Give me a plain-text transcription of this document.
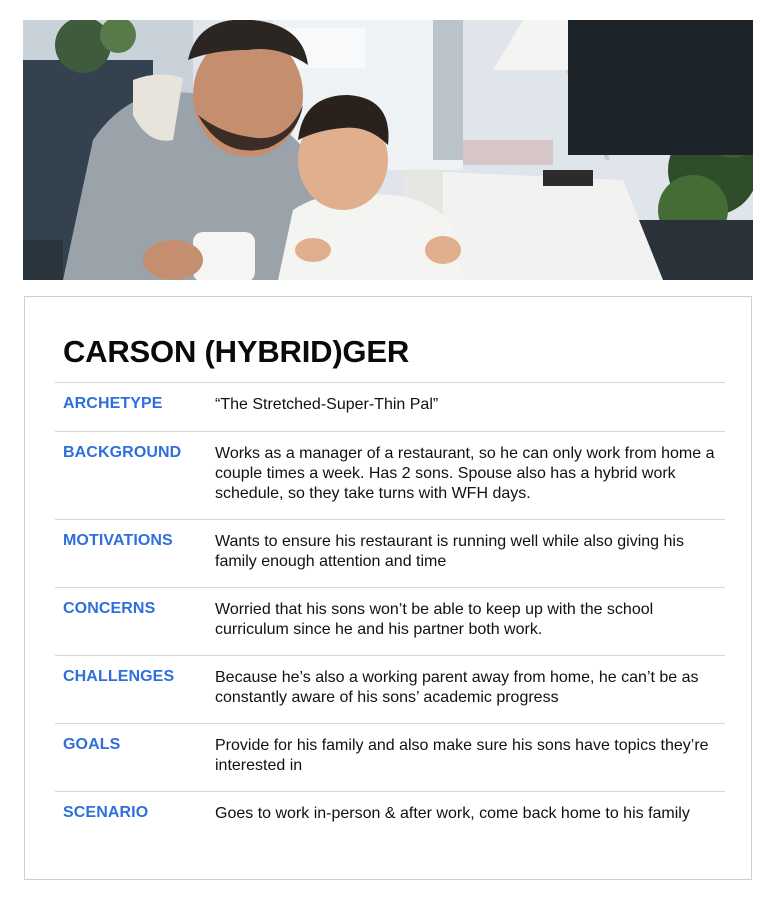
CARSON (HYBRID)GER
ARCHETYPE	“The Stretched-Super-Thin Pal”
BACKGROUND	Works as a manager of a restaurant, so he can only work from home a couple times a week. Has 2 sons. Spouse also has a hybrid work schedule, so they take turns with WFH days.
MOTIVATIONS	Wants to ensure his restaurant is running well while also giving his family enough attention and time
CONCERNS	Worried that his sons won’t be able to keep up with the school curriculum since he and his partner both work.
CHALLENGES	Because he’s also a working parent away from home, he can’t be as constantly aware of his sons’ academic progress
GOALS	Provide for his family and also make sure his sons have topics they’re interested in
SCENARIO	Goes to work in-person & after work, come back home to his family
